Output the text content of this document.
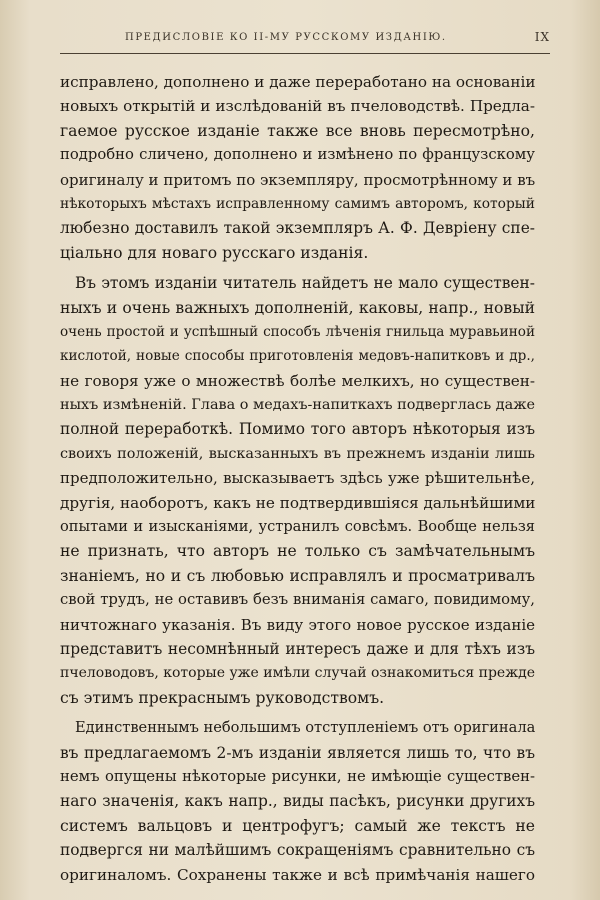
ПРЕДИСЛОВІЕ КО II-МУ РУССКОМУ ИЗДАНІЮ.	IX
исправлено, дополнено и даже переработано на основаніи
новыхъ открытій и изслѣдованій въ пчеловодствѣ. Предла-
гаемое русское изданіе также все вновь пересмотрѣно,
подробно сличено, дополнено и измѣнено по французскому
оригиналу и притомъ по экземпляру, просмотрѣнному и въ
нѣкоторыхъ мѣстахъ исправленному самимъ авторомъ, который
любезно доставилъ такой экземпляръ А. Ф. Девріену спе-
ціально для новаго русскаго изданія.
Въ этомъ изданіи читатель найдетъ не мало существен-
ныхъ и очень важныхъ дополненій, каковы, напр., новый
очень простой и успѣшный способъ лѣченія гнильца муравьиной
кислотой, новые способы приготовленія медовъ-напитковъ и др.,
не говоря уже о множествѣ болѣе мелкихъ, но существен-
ныхъ измѣненій. Глава о медахъ-напиткахъ подверглась даже
полной переработкѣ. Помимо того авторъ нѣкоторыя изъ
своихъ положеній, высказанныхъ въ прежнемъ изданіи лишь
предположительно, высказываетъ здѣсь уже рѣшительнѣе,
другія, наоборотъ, какъ не подтвердившіяся дальнѣйшими
опытами и изысканіями, устранилъ совсѣмъ. Вообще нельзя
не признать, что авторъ не только съ замѣчательнымъ
знаніемъ, но и съ любовью исправлялъ и просматривалъ
свой трудъ, не оставивъ безъ вниманія самаго, повидимому,
ничтожнаго указанія. Въ виду этого новое русское изданіе
представитъ несомнѣнный интересъ даже и для тѣхъ изъ
пчеловодовъ, которые уже имѣли случай ознакомиться прежде
съ этимъ прекраснымъ руководствомъ.
Единственнымъ небольшимъ отступленіемъ отъ оригинала
въ предлагаемомъ 2-мъ изданіи является лишь то, что въ
немъ опущены нѣкоторые рисунки, не имѣющіе существен-
наго значенія, какъ напр., виды пасѣкъ, рисунки другихъ
системъ вальцовъ и центрофугъ; самый же текстъ не
подвергся ни малѣйшимъ сокращеніямъ сравнительно съ
оригиналомъ. Сохранены также и всѣ примѣчанія нашего
